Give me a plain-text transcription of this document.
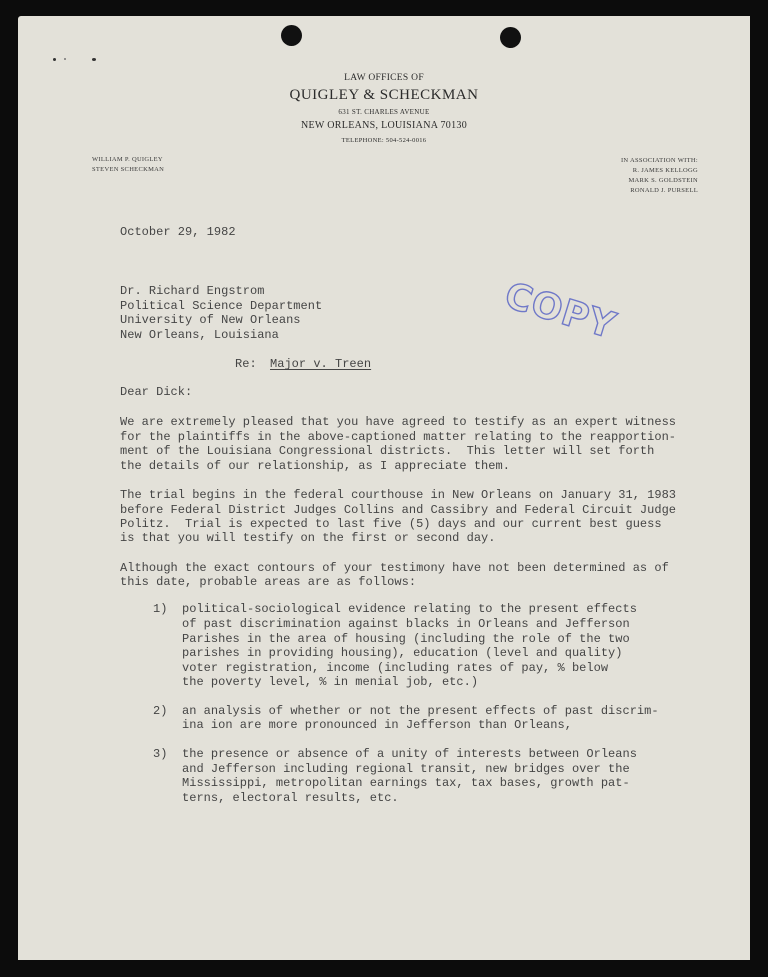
LAW OFFICES OF
QUIGLEY & SCHECKMAN
631 ST. CHARLES AVENUE
NEW ORLEANS, LOUISIANA 70130
TELEPHONE: 504-524-0016
WILLIAM P. QUIGLEY
STEVEN SCHECKMAN
IN ASSOCIATION WITH:
R. JAMES KELLOGG
MARK S. GOLDSTEIN
RONALD J. PURSELL
COPY
October 29, 1982
Dr. Richard Engstrom
Political Science Department
University of New Orleans
New Orleans, Louisiana
Re: Major v. Treen
Dear Dick:
We are extremely pleased that you have agreed to testify as an expert witness
for the plaintiffs in the above-captioned matter relating to the reapportion-
ment of the Louisiana Congressional districts.  This letter will set forth
the details of our relationship, as I appreciate them.
The trial begins in the federal courthouse in New Orleans on January 31, 1983
before Federal District Judges Collins and Cassibry and Federal Circuit Judge
Politz.  Trial is expected to last five (5) days and our current best guess
is that you will testify on the first or second day.
Although the exact contours of your testimony have not been determined as of
this date, probable areas are as follows:
1) political-sociological evidence relating to the present effects
of past discrimination against blacks in Orleans and Jefferson
Parishes in the area of housing (including the role of the two
parishes in providing housing), education (level and quality)
voter registration, income (including rates of pay, % below
the poverty level, % in menial job, etc.)
2) an analysis of whether or not the present effects of past discrim-
ina ion are more pronounced in Jefferson than Orleans,
3) the presence or absence of a unity of interests between Orleans
and Jefferson including regional transit, new bridges over the
Mississippi, metropolitan earnings tax, tax bases, growth pat-
terns, electoral results, etc.
